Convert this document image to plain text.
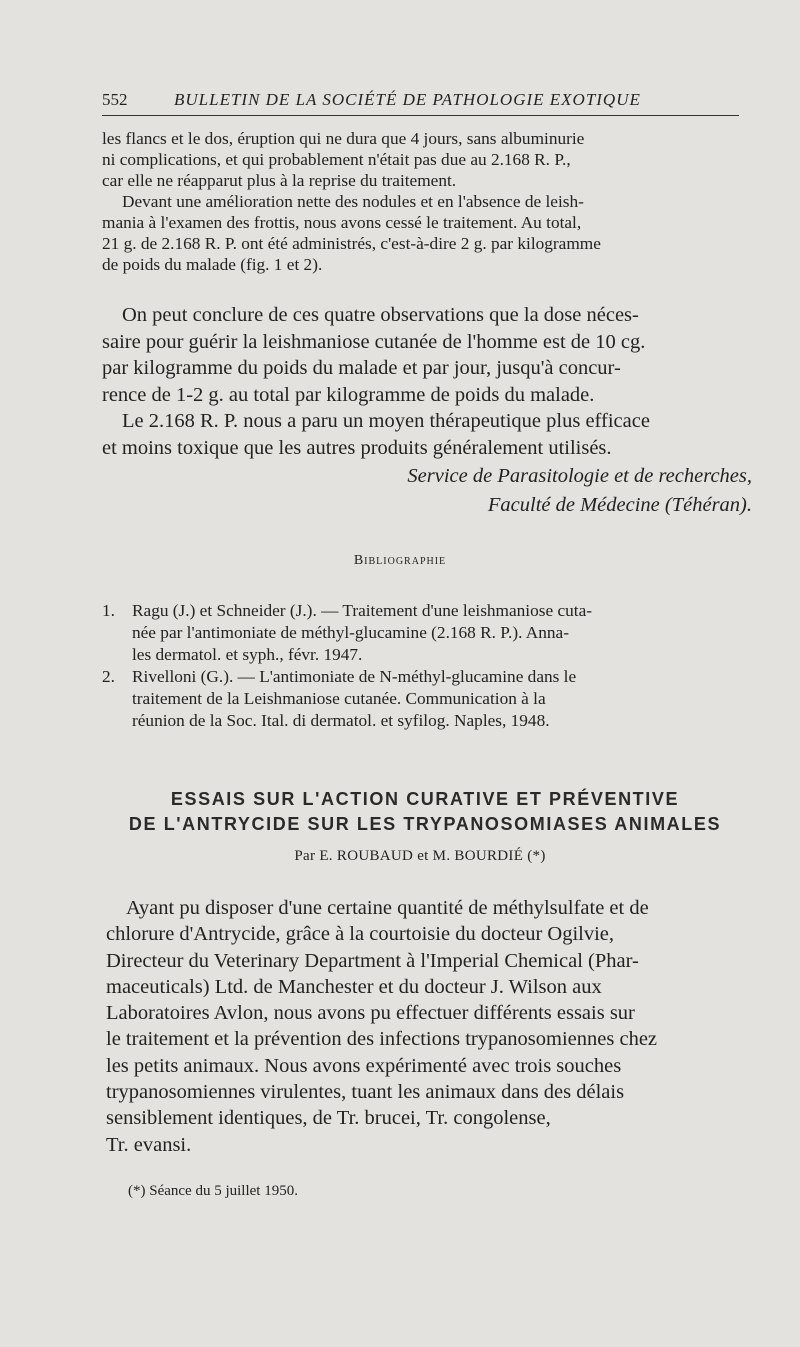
552	BULLETIN DE LA SOCIÉTÉ DE PATHOLOGIE EXOTIQUE
les flancs et le dos, éruption qui ne dura que 4 jours, sans albuminurie
ni complications, et qui probablement n'était pas due au 2.168 R. P.,
car elle ne réapparut plus à la reprise du traitement.
Devant une amélioration nette des nodules et en l'absence de leish-
mania à l'examen des frottis, nous avons cessé le traitement. Au total,
21 g. de 2.168 R. P. ont été administrés, c'est-à-dire 2 g. par kilogramme
de poids du malade (fig. 1 et 2).
On peut conclure de ces quatre observations que la dose néces-
saire pour guérir la leishmaniose cutanée de l'homme est de 10 cg.
par kilogramme du poids du malade et par jour, jusqu'à concur-
rence de 1-2 g. au total par kilogramme de poids du malade.
Le 2.168 R. P. nous a paru un moyen thérapeutique plus efficace
et moins toxique que les autres produits généralement utilisés.
Service de Parasitologie et de recherches,
Faculté de Médecine (Téhéran).
Bibliographie
1. Ragu (J.) et Schneider (J.). — Traitement d'une leishmaniose cuta-
née par l'antimoniate de méthyl-glucamine (2.168 R. P.). Anna-
les dermatol. et syph., févr. 1947.
2. Rivelloni (G.). — L'antimoniate de N-méthyl-glucamine dans le
traitement de la Leishmaniose cutanée. Communication à la
réunion de la Soc. Ital. di dermatol. et syfilog. Naples, 1948.
ESSAIS SUR L'ACTION CURATIVE ET PRÉVENTIVE
DE L'ANTRYCIDE SUR LES TRYPANOSOMIASES ANIMALES
Par E. ROUBAUD et M. BOURDIÉ (*)
Ayant pu disposer d'une certaine quantité de méthylsulfate et de
chlorure d'Antrycide, grâce à la courtoisie du docteur Ogilvie,
Directeur du Veterinary Department à l'Imperial Chemical (Phar-
maceuticals) Ltd. de Manchester et du docteur J. Wilson aux
Laboratoires Avlon, nous avons pu effectuer différents essais sur
le traitement et la prévention des infections trypanosomiennes chez
les petits animaux. Nous avons expérimenté avec trois souches
trypanosomiennes virulentes, tuant les animaux dans des délais
sensiblement identiques, de Tr. brucei, Tr. congolense,
Tr. evansi.
(*) Séance du 5 juillet 1950.
